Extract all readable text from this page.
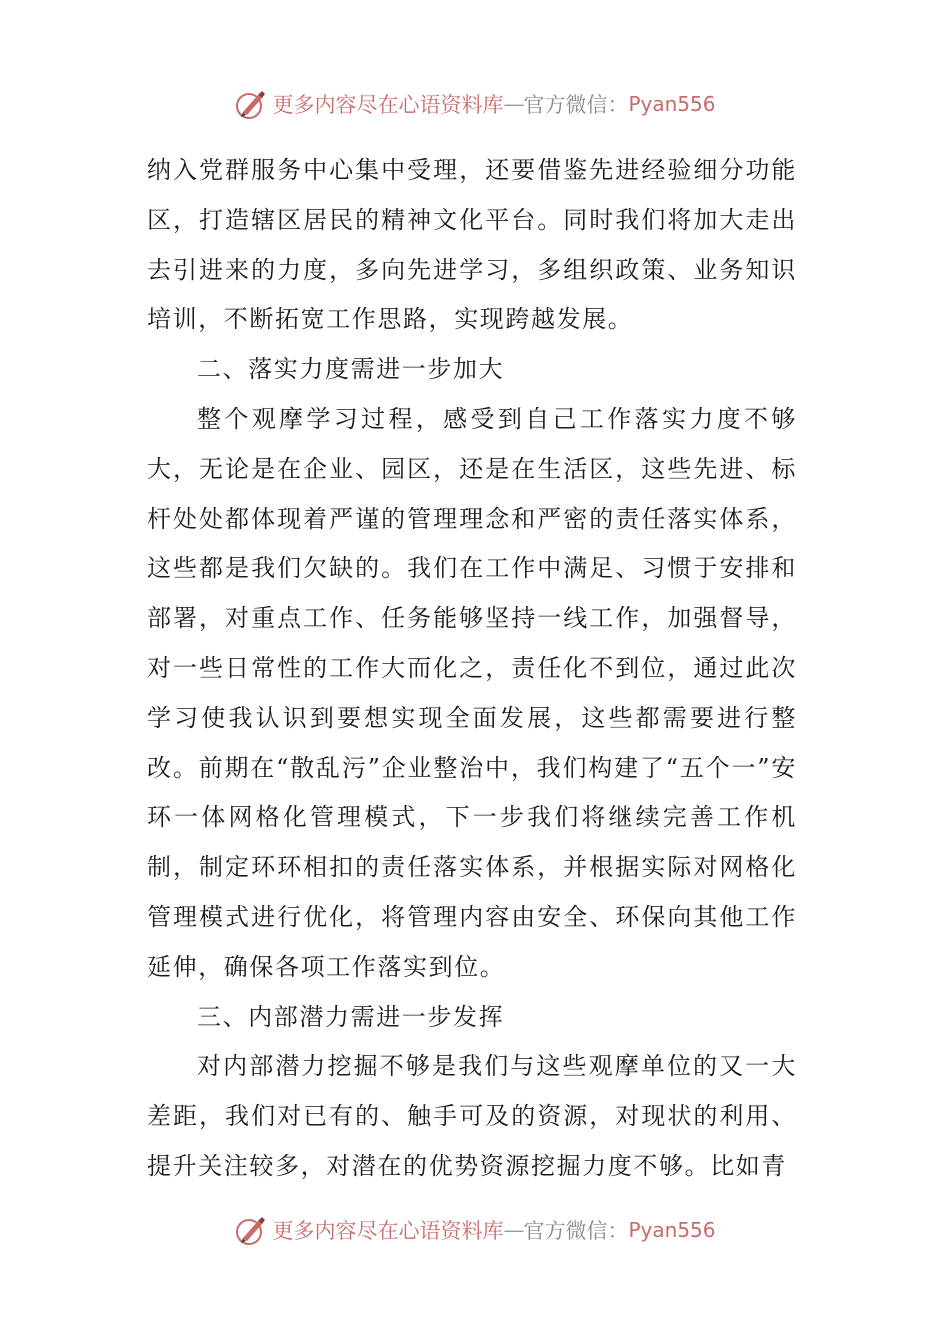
更多内容尽在心语资料库 — 官方微信： Pyan556

纳入党群服务中心集中受理，还要借鉴先进经验细分功能区，打造辖区居民的精神文化平台。同时我们将加大走出去引进来的力度，多向先进学习，多组织政策、业务知识培训，不断拓宽工作思路，实现跨越发展。

二、落实力度需进一步加大

整个观摩学习过程，感受到自己工作落实力度不够大，无论是在企业、园区，还是在生活区，这些先进、标杆处处都体现着严谨的管理理念和严密的责任落实体系，这些都是我们欠缺的。我们在工作中满足、习惯于安排和部署，对重点工作、任务能够坚持一线工作，加强督导，对一些日常性的工作大而化之，责任化不到位，通过此次学习使我认识到要想实现全面发展，这些都需要进行整改。前期在“散乱污”企业整治中，我们构建了“五个一”安环一体网格化管理模式，下一步我们将继续完善工作机制，制定环环相扣的责任落实体系，并根据实际对网格化管理模式进行优化，将管理内容由安全、环保向其他工作延伸，确保各项工作落实到位。

三、内部潜力需进一步发挥

对内部潜力挖掘不够是我们与这些观摩单位的又一大差距，我们对已有的、触手可及的资源，对现状的利用、提升关注较多，对潜在的优势资源挖掘力度不够。比如青

更多内容尽在心语资料库 — 官方微信： Pyan556
